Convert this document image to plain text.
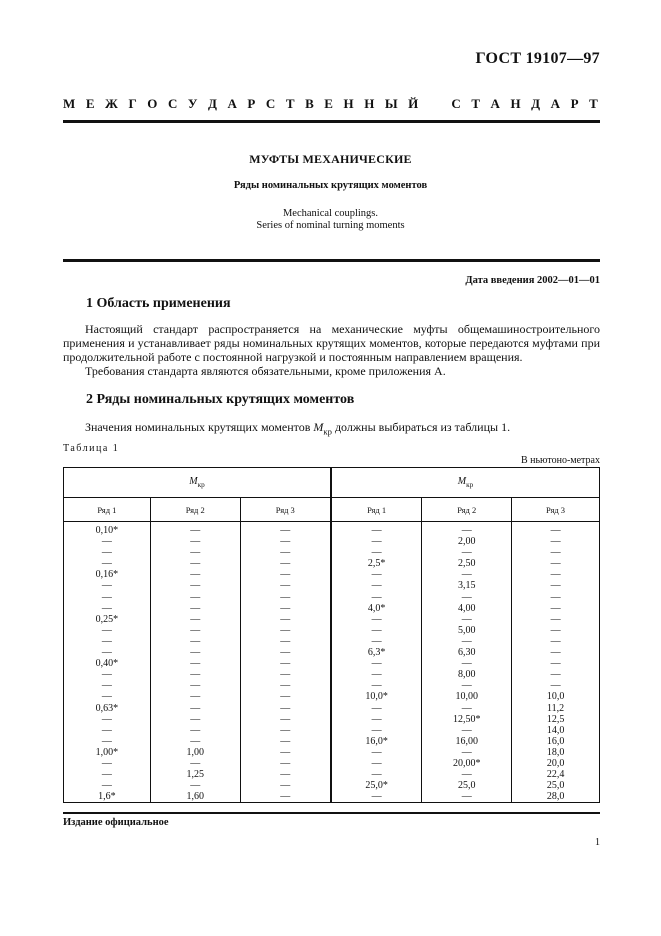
ГОСТ 19107—97
М Е Ж Г О С У Д А Р С Т В Е Н Н Ы Й	С Т А Н Д А Р Т
МУФТЫ МЕХАНИЧЕСКИЕ
Ряды номинальных крутящих моментов
Mechanical couplings.
Series of nominal turning moments
Дата введения 2002—01—01
1 Область применения

Настоящий стандарт распространяется на механические муфты общемашиностроительного применения и устанавливает ряды номинальных крутящих моментов, которые передаются муфтами при продолжительной работе с постоянной нагрузкой и постоянным направлением вращения.

Требования стандарта являются обязательными, кроме приложения А.

2 Ряды номинальных крутящих моментов

Значения номинальных крутящих моментов $M_{кр}$ должны выбираться из таблицы 1.

Таблица 1
В ньютоно-метрах
$M_{кр}$			$M_{кр}$
Ряд 1	Ряд 2	Ряд 3	Ряд 1	Ряд 2	Ряд 3
0,10*	—	—	—	—	—
—	—	—	—	2,00	—
—	—	—	—	—	—
—	—	—	2,5*	2,50	—
0,16*	—	—	—	—	—
—	—	—	—	3,15	—
—	—	—	—	—	—
—	—	—	4,0*	4,00	—
0,25*	—	—	—	—	—
—	—	—	—	5,00	—
—	—	—	—	—	—
—	—	—	6,3*	6,30	—
0,40*	—	—	—	—	—
—	—	—	—	8,00	—
—	—	—	—	—	—
—	—	—	10,0*	10,00	10,0
0,63*	—	—	—	—	11,2
—	—	—	—	12,50*	12,5
—	—	—	—	—	14,0
—	—	—	16,0*	16,00	16,0
1,00*	1,00	—	—	—	18,0
—	—	—	—	20,00*	20,0
—	1,25	—	—	—	22,4
—	—	—	25,0*	25,0	25,0
1,6*	1,60	—	—	—	28,0
Издание официальное
1
